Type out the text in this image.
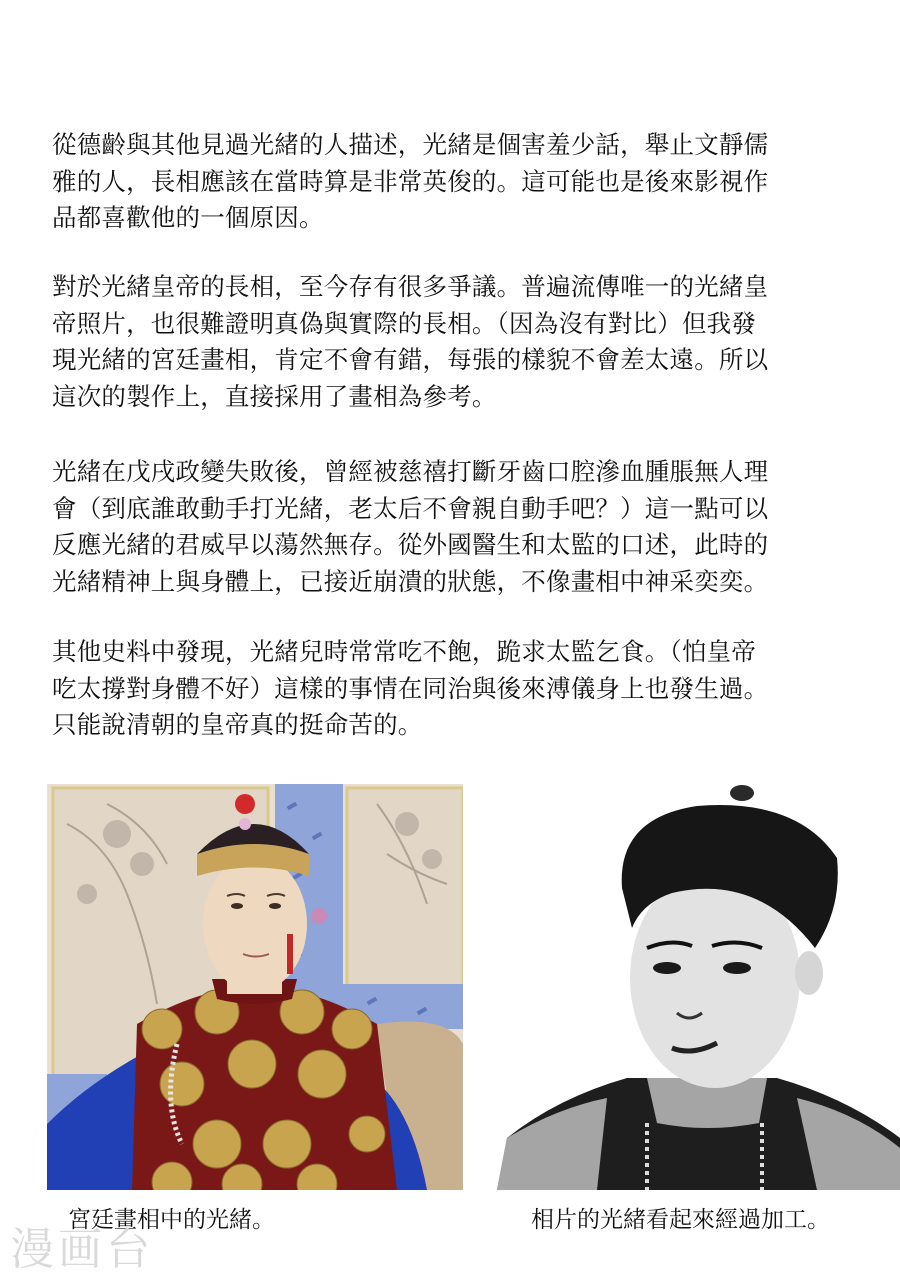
從德齡與其他見過光緒的人描述，光緒是個害羞少話，舉止文靜儒
雅的人，長相應該在當時算是非常英俊的。這可能也是後來影視作
品都喜歡他的一個原因。
對於光緒皇帝的長相，至今存有很多爭議。普遍流傳唯一的光緒皇
帝照片，也很難證明真偽與實際的長相。（因為沒有對比）但我發
現光緒的宮廷畫相，肯定不會有錯，每張的樣貌不會差太遠。所以
這次的製作上，直接採用了畫相為參考。
光緒在戊戌政變失敗後，曾經被慈禧打斷牙齒口腔滲血腫脹無人理
會（到底誰敢動手打光緒，老太后不會親自動手吧？）這一點可以
反應光緒的君威早以蕩然無存。從外國醫生和太監的口述，此時的
光緒精神上與身體上，已接近崩潰的狀態，不像畫相中神采奕奕。
其他史料中發現，光緒兒時常常吃不飽，跪求太監乞食。（怕皇帝
吃太撐對身體不好）這樣的事情在同治與後來溥儀身上也發生過。
只能說清朝的皇帝真的挺命苦的。
宮廷畫相中的光緒。	相片的光緒看起來經過加工。
漫画台
